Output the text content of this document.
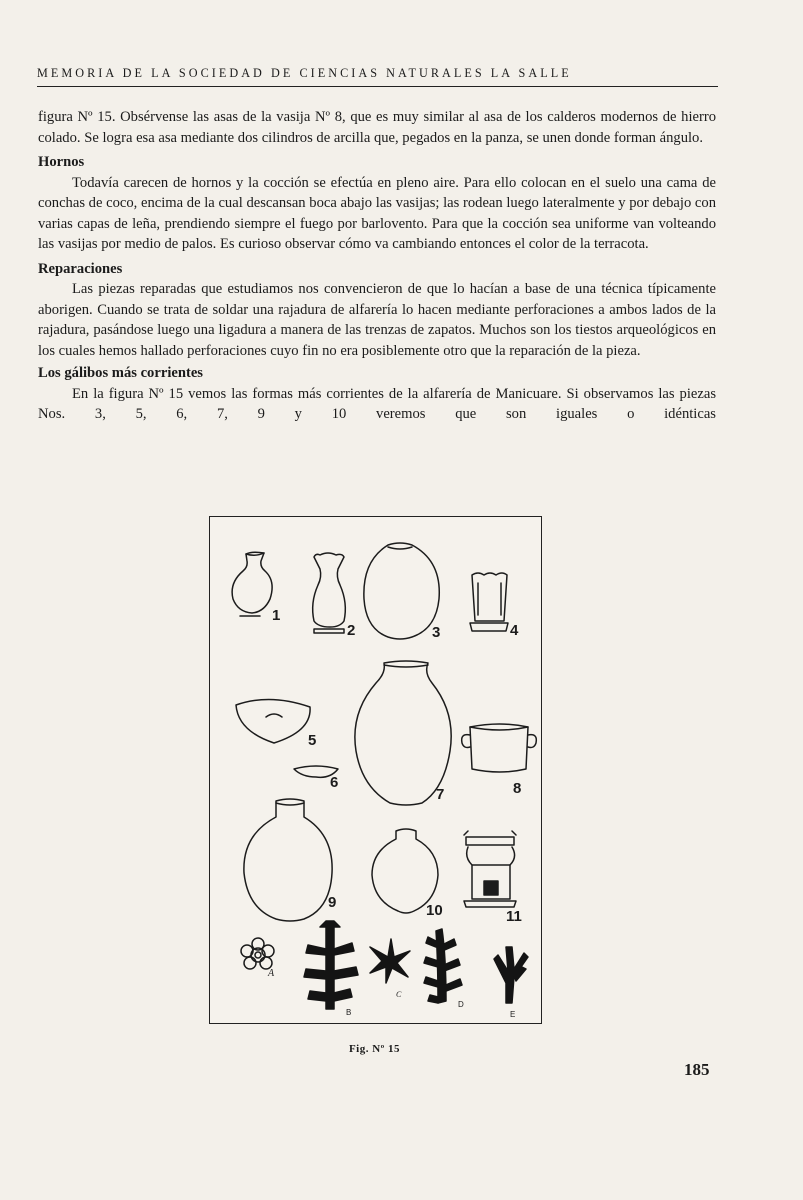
MEMORIA DE LA SOCIEDAD DE CIENCIAS NATURALES LA SALLE

figura Nº 15. Obsérvense las asas de la vasija Nº 8, que es muy similar al asa de los calderos modernos de hierro colado. Se logra esa asa mediante dos cilindros de arcilla que, pegados en la panza, se unen donde forman ángulo.

Hornos

Todavía carecen de hornos y la cocción se efectúa en pleno aire. Para ello colocan en el suelo una cama de conchas de coco, encima de la cual descansan boca abajo las vasijas; las rodean luego lateralmente y por debajo con varias capas de leña, prendiendo siempre el fuego por barlovento. Para que la cocción sea uniforme van volteando las vasijas por medio de palos. Es curioso observar cómo va cambiando entonces el color de la terracota.

Reparaciones

Las piezas reparadas que estudiamos nos convencieron de que lo hacían a base de una técnica típicamente aborigen. Cuando se trata de soldar una rajadura de alfarería lo hacen mediante perforaciones a ambos lados de la rajadura, pasándose luego una ligadura a manera de las trenzas de zapatos. Muchos son los tiestos arqueológicos en los cuales hemos hallado perforaciones cuyo fin no era posiblemente otro que la reparación de la pieza.

Los gálibos más corrientes

En la figura Nº 15 vemos las formas más corrientes de la alfarería de Manicuare. Si observamos las piezas Nos. 3, 5, 6, 7, 9 y 10 veremos que son iguales o idénticas

1
2	3	4
5
6
7	8
9	10	11
A
B
C
D
E
Fig. Nº 15
185
